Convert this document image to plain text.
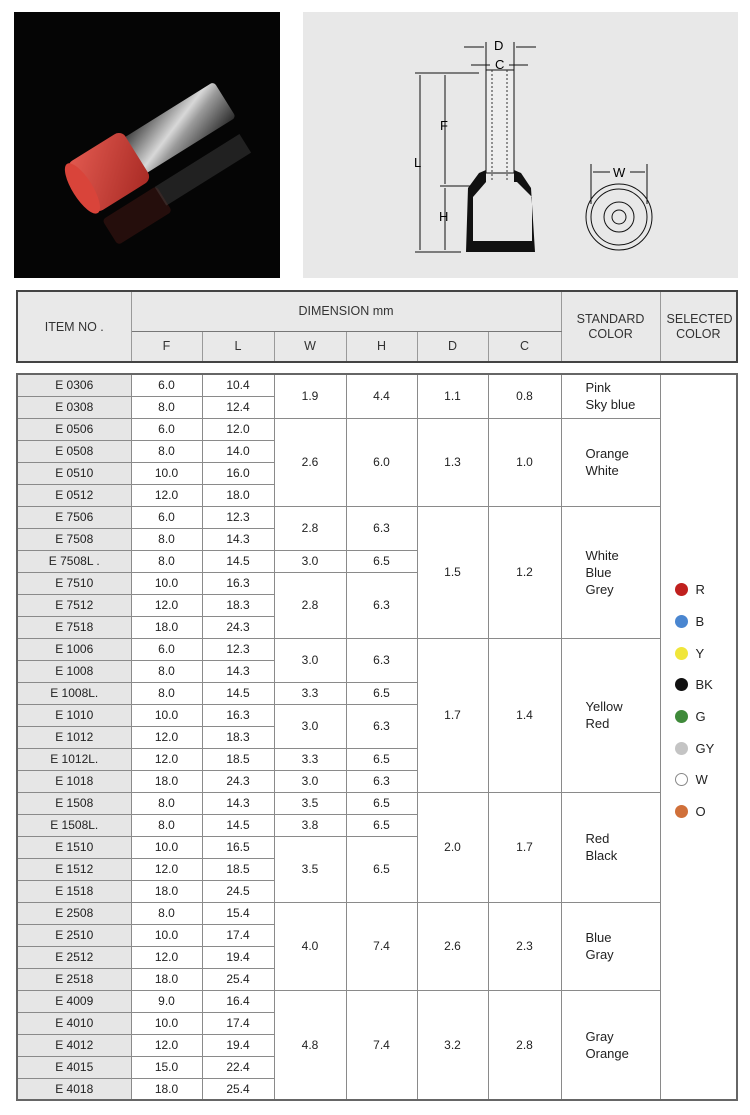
D
C
L
F
H
W
ITEM NO .	DIMENSION mm						STANDARD COLOR	SELECTED COLOR
	F	L	W	H	D	C		
E 0306	6.0	10.4	1.9	4.4	1.1	0.8	
Pink
Sky blue

R
B
Y
BK
G
GY
W
O

E 0308	8.0	12.4						
E 0506	6.0	12.0	2.6	6.0	1.3	1.0	Orange
White	

E 0508	8.0	14.0						
E 0510	10.0	16.0						
E 0512	12.0	18.0						
E 7506	6.0	12.3	2.8	6.3	1.5	1.2	White
Blue
Grey	

E 7508	8.0	14.3						
E 7508L .	8.0	14.5	3.0	6.5				
E 7510	10.0	16.3	2.8	6.3				
E 7512	12.0	18.3						
E 7518	18.0	24.3						
E 1006	6.0	12.3	3.0	6.3	1.7	1.4	Yellow
Red	

E 1008	8.0	14.3						
E 1008L.	8.0	14.5	3.3	6.5				
E 1010	10.0	16.3	3.0	6.3				
E 1012	12.0	18.3						
E 1012L.	12.0	18.5	3.3	6.5				
E 1018	18.0	24.3	3.0	6.3				
E 1508	8.0	14.3	3.5	6.5	2.0	1.7	Red
Black	

E 1508L.	8.0	14.5	3.8	6.5				
E 1510	10.0	16.5	3.5	6.5				
E 1512	12.0	18.5						
E 1518	18.0	24.5						
E 2508	8.0	15.4	4.0	7.4	2.6	2.3	Blue
Gray	

E 2510	10.0	17.4						
E 2512	12.0	19.4						
E 2518	18.0	25.4						
E 4009	9.0	16.4	4.8	7.4	3.2	2.8	Gray
Orange	

E 4010	10.0	17.4						
E 4012	12.0	19.4						
E 4015	15.0	22.4						
E 4018	18.0	25.4						
